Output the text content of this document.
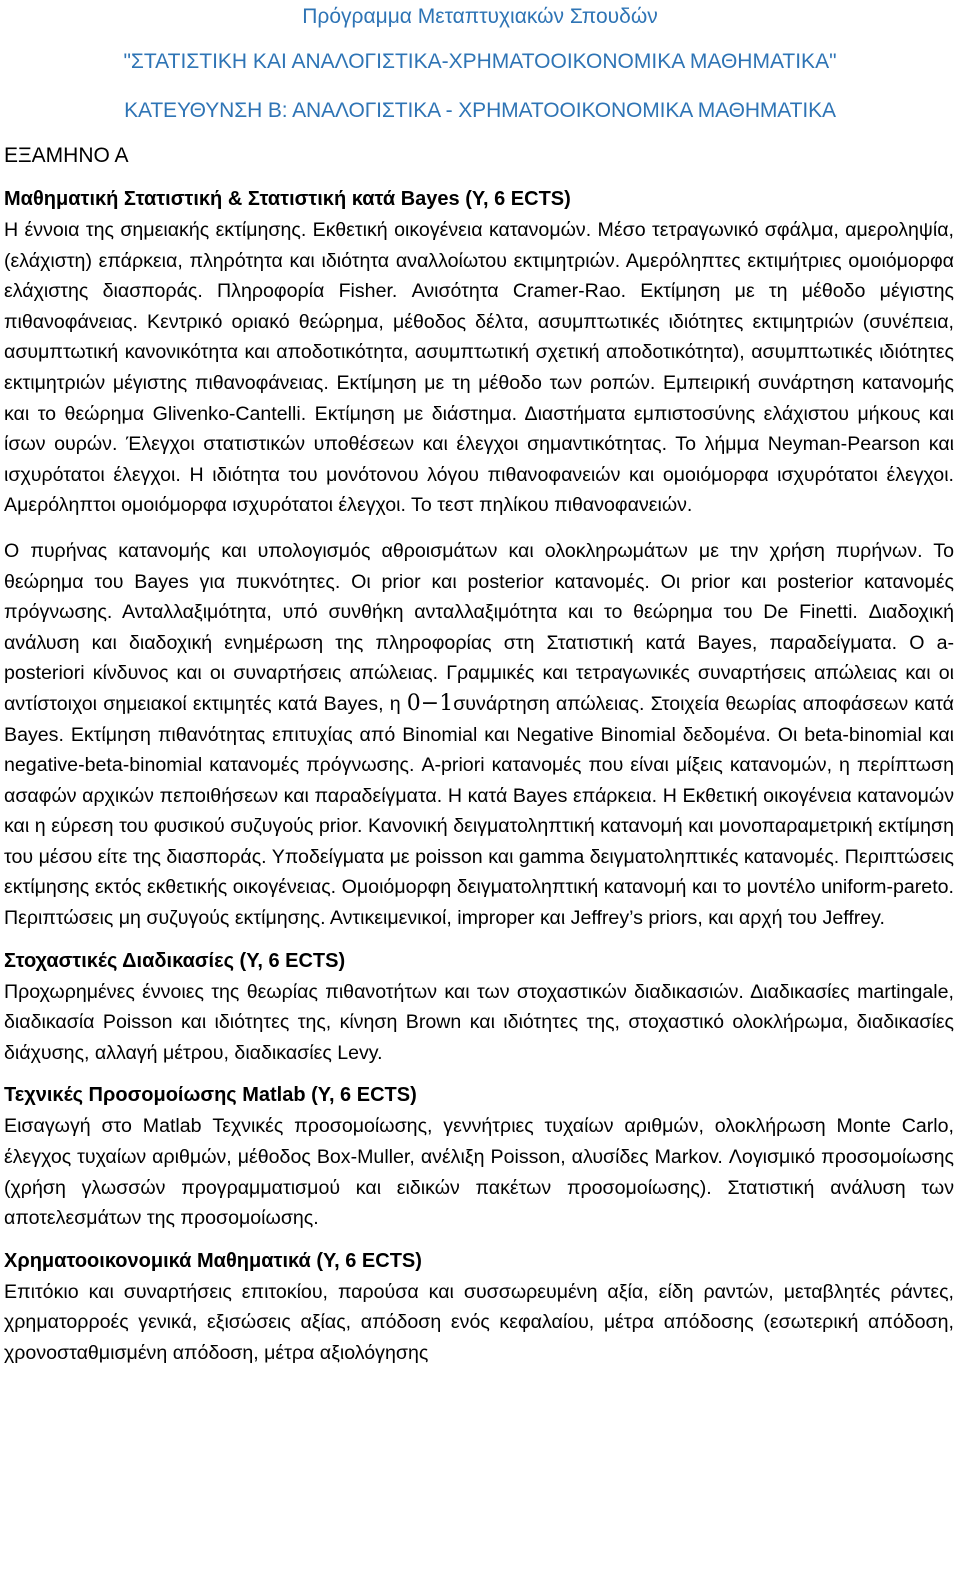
Πρόγραμμα Μεταπτυχιακών Σπουδών
"ΣΤΑΤΙΣΤΙΚΗ ΚΑΙ ΑΝΑΛΟΓΙΣΤΙΚΑ-ΧΡΗΜΑΤΟΟΙΚΟΝΟΜΙΚΑ ΜΑΘΗΜΑΤΙΚΑ"
ΚΑΤΕΥΘΥΝΣΗ Β: ΑΝΑΛΟΓΙΣΤΙΚΑ - ΧΡΗΜΑΤΟΟΙΚΟΝΟΜΙΚΑ ΜΑΘΗΜΑΤΙΚΑ
ΕΞΑΜΗΝΟ Α

Μαθηματική Στατιστική & Στατιστική κατά Bayes (Υ, 6 ECTS)

Η έννοια της σημειακής εκτίμησης. Εκθετική οικογένεια κατανομών. Μέσο τετραγωνικό σφάλμα, αμεροληψία, (ελάχιστη) επάρκεια, πληρότητα και ιδιότητα αναλλοίωτου εκτιμητριών. Αμερόληπτες εκτιμήτριες ομοιόμορφα ελάχιστης διασποράς. Πληροφορία Fisher. Ανισότητα Cramer-Rao. Εκτίμηση με τη μέθοδο μέγιστης πιθανοφάνειας. Κεντρικό οριακό θεώρημα, μέθοδος δέλτα, ασυμπτωτικές ιδιότητες εκτιμητριών (συνέπεια, ασυμπτωτική κανονικότητα και αποδοτικότητα, ασυμπτωτική σχετική αποδοτικότητα), ασυμπτωτικές ιδιότητες εκτιμητριών μέγιστης πιθανοφάνειας. Εκτίμηση με τη μέθοδο των ροπών. Εμπειρική συνάρτηση κατανομής και το θεώρημα Glivenko-Cantelli. Εκτίμηση με διάστημα. Διαστήματα εμπιστοσύνης ελάχιστου μήκους και ίσων ουρών. Έλεγχοι στατιστικών υποθέσεων και έλεγχοι σημαντικότητας. Το λήμμα Neyman-Pearson και ισχυρότατοι έλεγχοι. Η ιδιότητα του μονότονου λόγου πιθανοφανειών και ομοιόμορφα ισχυρότατοι έλεγχοι. Αμερόληπτοι ομοιόμορφα ισχυρότατοι έλεγχοι. Το τεστ πηλίκου πιθανοφανειών.

Ο πυρήνας κατανομής και υπολογισμός αθροισμάτων και ολοκληρωμάτων με την χρήση πυρήνων. Το θεώρημα του Bayes για πυκνότητες. Οι prior και posterior κατανομές. Οι prior και posterior κατανομές πρόγνωσης. Ανταλλαξιμότητα, υπό συνθήκη ανταλλαξιμότητα και το θεώρημα του De Finetti. Διαδοχική ανάλυση και διαδοχική ενημέρωση της πληροφορίας στη Στατιστική κατά Bayes, παραδείγματα. Ο a-posteriori κίνδυνος και οι συναρτήσεις απώλειας. Γραμμικές και τετραγωνικές συναρτήσεις απώλειας και οι αντίστοιχοι σημειακοί εκτιμητές κατά Bayes, η 0−1συνάρτηση απώλειας. Στοιχεία θεωρίας αποφάσεων κατά Bayes. Εκτίμηση πιθανότητας επιτυχίας από Binomial και Negative Binomial δεδομένα. Οι beta-binomial και negative-beta-binomial κατανομές πρόγνωσης. A-priori κατανομές που είναι μίξεις κατανομών, η περίπτωση ασαφών αρχικών πεποιθήσεων και παραδείγματα. Η κατά Bayes επάρκεια. Η Εκθετική οικογένεια κατανομών και η εύρεση του φυσικού συζυγούς prior. Κανονική δειγματοληπτική κατανομή και μονοπαραμετρική εκτίμηση του μέσου είτε της διασποράς. Υποδείγματα με poisson και gamma δειγματοληπτικές κατανομές. Περιπτώσεις εκτίμησης εκτός εκθετικής οικογένειας. Ομοιόμορφη δειγματοληπτική κατανομή και το μοντέλο uniform-pareto. Περιπτώσεις μη συζυγούς εκτίμησης. Αντικειμενικοί, improper και Jeffrey’s priors, και αρχή του Jeffrey.

Στοχαστικές Διαδικασίες (Υ, 6 ECTS)

Προχωρημένες έννοιες της θεωρίας πιθανοτήτων και των στοχαστικών διαδικασιών. Διαδικασίες martingale, διαδικασία Poisson και ιδιότητες της, κίνηση Brown και ιδιότητες της, στοχαστικό ολοκλήρωμα, διαδικασίες διάχυσης, αλλαγή μέτρου, διαδικασίες Levy.

Τεχνικές Προσομοίωσης Matlab (Υ, 6 ECTS)

Εισαγωγή στο Matlab Τεχνικές προσομοίωσης, γεννήτριες τυχαίων αριθμών, ολοκλήρωση Monte Carlo, έλεγχος τυχαίων αριθμών, μέθοδος Box-Muller, ανέλιξη Poisson, αλυσίδες Markov. Λογισμικό προσομοίωσης (χρήση γλωσσών προγραμματισμού και ειδικών πακέτων προσομοίωσης). Στατιστική ανάλυση των αποτελεσμάτων της προσομοίωσης.

Χρηματοοικονομικά Μαθηματικά (Υ, 6 ECTS)

Επιτόκιο και συναρτήσεις επιτοκίου, παρούσα και συσσωρευμένη αξία, είδη ραντών, μεταβλητές ράντες, χρηματορροές γενικά, εξισώσεις αξίας, απόδοση ενός κεφαλαίου, μέτρα απόδοσης (εσωτερική απόδοση, χρονοσταθμισμένη απόδοση, μέτρα αξιολόγησης
